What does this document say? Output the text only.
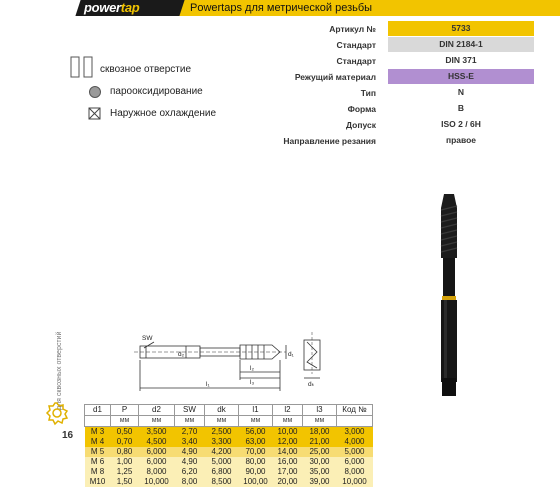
powertap	Powertaps для метрической резьбы
Артикул №	5733
Стандарт	DIN 2184-1
Стандарт	DIN 371
Режущий материал	HSS-E
Тип	N
Форма	B
Допуск	ISO 2 / 6H
Направление резания	правое
сквозное отверстие
пароoксидирование
Наружное охлаждение
SW
d₂	d₁
l₁
l₂
l₃	dₖ
для сквозных отверстий
16
d1	P	d2	SW	dk	l1	l2	l3	Код №
	мм	мм	мм	мм	мм	мм	мм	
M 3	0,50	3,500	2,70	2,500	56,00	10,00	18,00	3,000
M 4	0,70	4,500	3,40	3,300	63,00	12,00	21,00	4,000
M 5	0,80	6,000	4,90	4,200	70,00	14,00	25,00	5,000
M 6	1,00	6,000	4,90	5,000	80,00	16,00	30,00	6,000
M 8	1,25	8,000	6,20	6,800	90,00	17,00	35,00	8,000
M10	1,50	10,000	8,00	8,500	100,00	20,00	39,00	10,000
